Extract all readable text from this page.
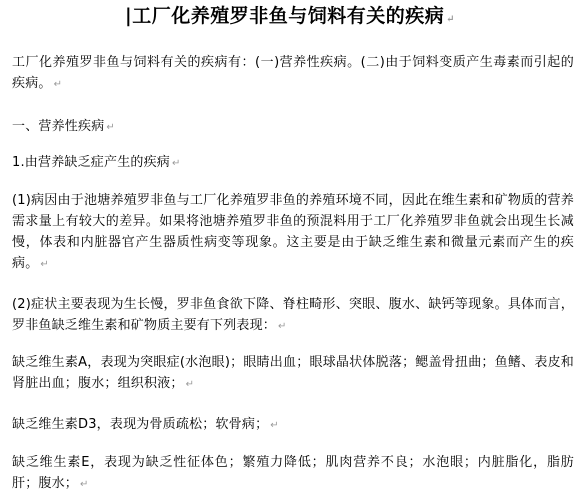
|工厂化养殖罗非鱼与饲料有关的疾病 ↵
工厂化养殖罗非鱼与饲料有关的疾病有：(一)营养性疾病。(二)由于饲料变质产生毒素而引起的疾病。 ↵
一、营养性疾病 ↵
1.由营养缺乏症产生的疾病 ↵
(1)病因由于池塘养殖罗非鱼与工厂化养殖罗非鱼的养殖环境不同，因此在维生素和矿物质的营养需求量上有较大的差异。如果将池塘养殖罗非鱼的预混料用于工厂化养殖罗非鱼就会出现生长减慢，体表和内脏器官产生器质性病变等现象。这主要是由于缺乏维生素和微量元素而产生的疾病。 ↵
(2)症状主要表现为生长慢，罗非鱼食欲下降、脊柱畸形、突眼、腹水、缺钙等现象。具体而言，罗非鱼缺乏维生素和矿物质主要有下列表现： ↵
缺乏维生素A，表现为突眼症(水泡眼)；眼睛出血；眼球晶状体脱落；鳃盖骨扭曲；鱼鳍、表皮和肾脏出血；腹水；组织积液； ↵
缺乏维生素D3，表现为骨质疏松；软骨病； ↵
缺乏维生素E，表现为缺乏性征体色；繁殖力降低；肌肉营养不良；水泡眼；内脏脂化，脂肪肝；腹水； ↵
